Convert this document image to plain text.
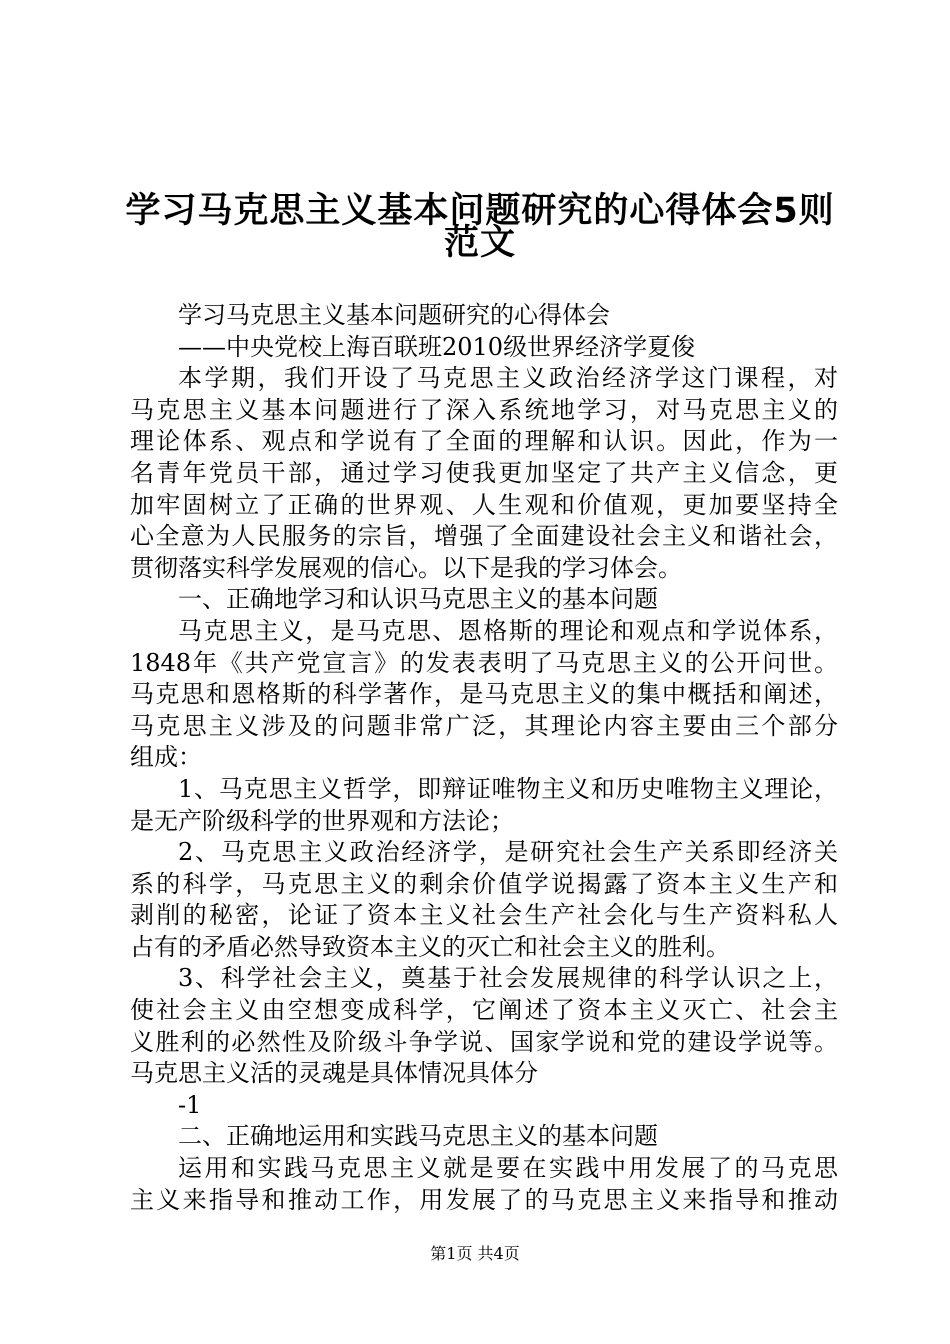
学习马克思主义基本问题研究的心得体会5则
范文
学习马克思主义基本问题研究的心得体会
——中央党校上海百联班2010级世界经济学夏俊
本学期，我们开设了马克思主义政治经济学这门课程，对
马克思主义基本问题进行了深入系统地学习，对马克思主义的
理论体系、观点和学说有了全面的理解和认识。因此，作为一
名青年党员干部，通过学习使我更加坚定了共产主义信念，更
加牢固树立了正确的世界观、人生观和价值观，更加要坚持全
心全意为人民服务的宗旨，增强了全面建设社会主义和谐社会，
贯彻落实科学发展观的信心。以下是我的学习体会。
一、正确地学习和认识马克思主义的基本问题
马克思主义，是马克思、恩格斯的理论和观点和学说体系，
1848年《共产党宣言》的发表表明了马克思主义的公开问世。
马克思和恩格斯的科学著作，是马克思主义的集中概括和阐述，
马克思主义涉及的问题非常广泛，其理论内容主要由三个部分
组成：
1、马克思主义哲学，即辩证唯物主义和历史唯物主义理论，
是无产阶级科学的世界观和方法论；
2、马克思主义政治经济学，是研究社会生产关系即经济关
系的科学，马克思主义的剩余价值学说揭露了资本主义生产和
剥削的秘密，论证了资本主义社会生产社会化与生产资料私人
占有的矛盾必然导致资本主义的灭亡和社会主义的胜利。
3、科学社会主义，奠基于社会发展规律的科学认识之上，
使社会主义由空想变成科学，它阐述了资本主义灭亡、社会主
义胜利的必然性及阶级斗争学说、国家学说和党的建设学说等。
马克思主义活的灵魂是具体情况具体分
-1
二、正确地运用和实践马克思主义的基本问题
运用和实践马克思主义就是要在实践中用发展了的马克思
主义来指导和推动工作，用发展了的马克思主义来指导和推动
第1页 共4页
